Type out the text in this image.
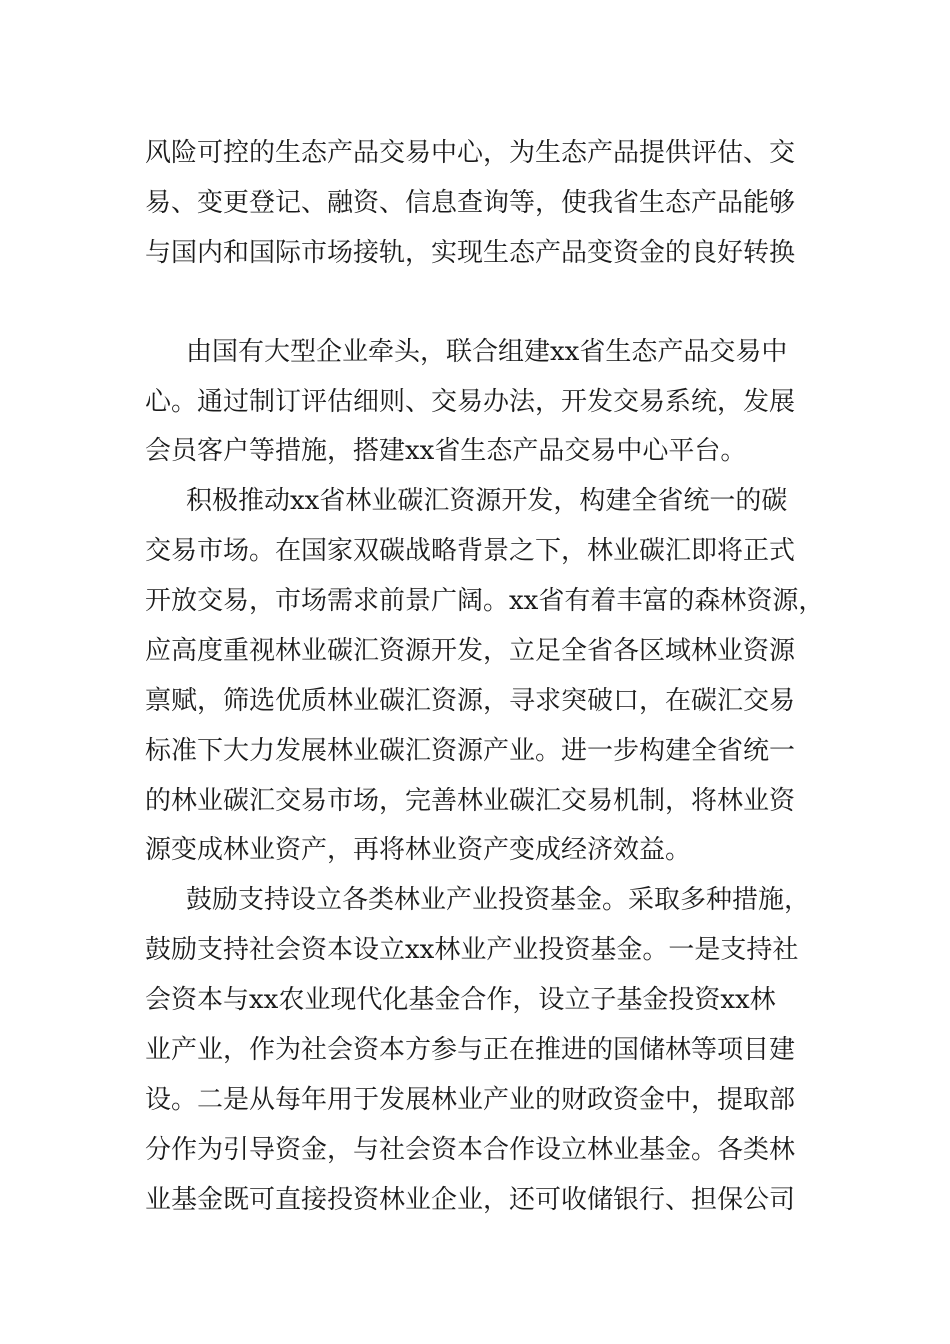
风险可控的生态产品交易中心，为生态产品提供评估、交
易、变更登记、融资、信息查询等，使我省生态产品能够
与国内和国际市场接轨，实现生态产品变资金的良好转换
由国有大型企业牵头，联合组建xx省生态产品交易中
心。通过制订评估细则、交易办法，开发交易系统，发展
会员客户等措施，搭建xx省生态产品交易中心平台。
积极推动xx省林业碳汇资源开发，构建全省统一的碳
交易市场。在国家双碳战略背景之下，林业碳汇即将正式
开放交易，市场需求前景广阔。xx省有着丰富的森林资源，
应高度重视林业碳汇资源开发，立足全省各区域林业资源
禀赋，筛选优质林业碳汇资源，寻求突破口，在碳汇交易
标准下大力发展林业碳汇资源产业。进一步构建全省统一
的林业碳汇交易市场，完善林业碳汇交易机制，将林业资
源变成林业资产，再将林业资产变成经济效益。
鼓励支持设立各类林业产业投资基金。采取多种措施，
鼓励支持社会资本设立xx林业产业投资基金。一是支持社
会资本与xx农业现代化基金合作，设立子基金投资xx林
业产业，作为社会资本方参与正在推进的国储林等项目建
设。二是从每年用于发展林业产业的财政资金中，提取部
分作为引导资金，与社会资本合作设立林业基金。各类林
业基金既可直接投资林业企业，还可收储银行、担保公司
